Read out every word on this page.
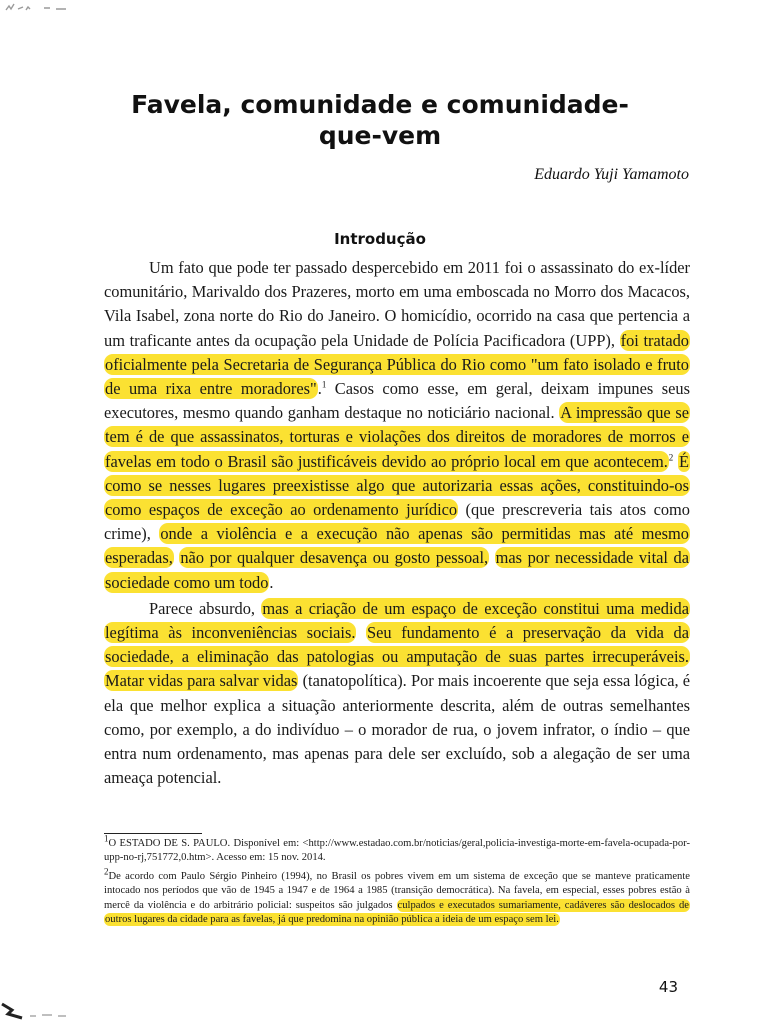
Favela, comunidade e comunidade-que-vem
Eduardo Yuji Yamamoto
Introdução

Um fato que pode ter passado despercebido em 2011 foi o assassinato do ex-líder comunitário, Marivaldo dos Prazeres, morto em uma emboscada no Morro dos Macacos, Vila Isabel, zona norte do Rio do Janeiro. O homicídio, ocorrido na casa que pertencia a um traficante antes da ocupação pela Unidade de Polícia Pacificadora (UPP), foi tratado oficialmente pela Secretaria de Segurança Pública do Rio como "um fato isolado e fruto de uma rixa entre moradores".$^1$ Casos como esse, em geral, deixam impunes seus executores, mesmo quando ganham destaque no noticiário nacional. A impressão que se tem é de que assassinatos, torturas e violações dos direitos de moradores de morros e favelas em todo o Brasil são justificáveis devido ao próprio local em que acontecem.$^2$ É como se nesses lugares preexistisse algo que autorizaria essas ações, constituindo-os como espaços de exceção ao ordenamento jurídico (que prescreveria tais atos como crime), onde a violência e a execução não apenas são permitidas mas até mesmo esperadas, não por qualquer desavença ou gosto pessoal, mas por necessidade vital da sociedade como um todo.

Parece absurdo, mas a criação de um espaço de exceção constitui uma medida legítima às inconveniências sociais. Seu fundamento é a preservação da vida da sociedade, a eliminação das patologias ou amputação de suas partes irrecuperáveis. Matar vidas para salvar vidas (tanatopolítica). Por mais incoerente que seja essa lógica, é ela que melhor explica a situação anteriormente descrita, além de outras semelhantes como, por exemplo, a do indivíduo – o morador de rua, o jovem infrator, o índio – que entra num ordenamento, mas apenas para dele ser excluído, sob a alegação de ser uma ameaça potencial.

$^1$O ESTADO DE S. PAULO. Disponível em: <http://www.estadao.com.br/noticias/geral,policia-investiga-morte-em-favela-ocupada-por-upp-no-rj,751772,0.htm>. Acesso em: 15 nov. 2014.

$^2$De acordo com Paulo Sérgio Pinheiro (1994), no Brasil os pobres vivem em um sistema de exceção que se manteve praticamente intocado nos períodos que vão de 1945 a 1947 e de 1964 a 1985 (transição democrática). Na favela, em especial, esses pobres estão à mercê da violência e do arbitrário policial: suspeitos são julgados culpados e executados sumariamente, cadáveres são deslocados de outros lugares da cidade para as favelas, já que predomina na opinião pública a ideia de um espaço sem lei.

43
